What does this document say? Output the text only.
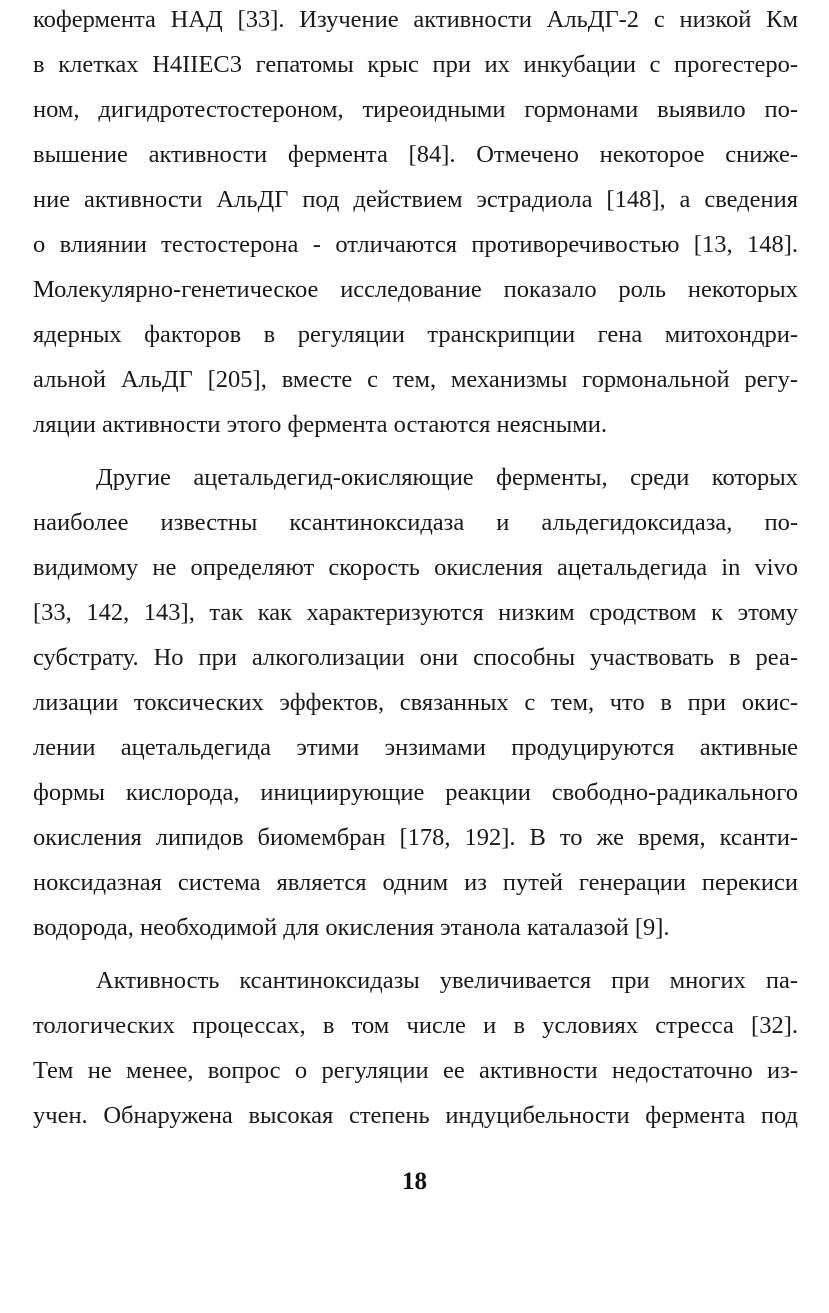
кофермента НАД [33]. Изучение активности АльДГ-2 с низкой Км
в клетках H4IIEC3 гепатомы крыс при их инкубации с прогестеро-
ном, дигидротестостероном, тиреоидными гормонами выявило по-
вышение активности фермента [84]. Отмечено некоторое сниже-
ние активности АльДГ под действием эстрадиола [148], а сведения
о влиянии тестостерона - отличаются противоречивостью [13, 148].
Молекулярно-генетическое исследование показало роль некоторых
ядерных факторов в регуляции транскрипции гена митохондри-
альной АльДГ [205], вместе с тем, механизмы гормональной регу-
ляции активности этого фермента остаются неясными.
Другие ацетальдегид-окисляющие ферменты, среди которых
наиболее известны ксантиноксидаза и альдегидоксидаза, по-
видимому не определяют скорость окисления ацетальдегида in vivo
[33, 142, 143], так как характеризуются низким сродством к этому
субстрату. Но при алкоголизации они способны участвовать в реа-
лизации токсических эффектов, связанных с тем, что в при окис-
лении ацетальдегида этими энзимами продуцируются активные
формы кислорода, инициирующие реакции свободно-радикального
окисления липидов биомембран [178, 192]. В то же время, ксанти-
ноксидазная система является одним из путей генерации перекиси
водорода, необходимой для окисления этанола каталазой [9].
Активность ксантиноксидазы увеличивается при многих па-
тологических процессах, в том числе и в условиях стресса [32].
Тем не менее, вопрос о регуляции ее активности недостаточно из-
учен. Обнаружена высокая степень индуцибельности фермента под
18
